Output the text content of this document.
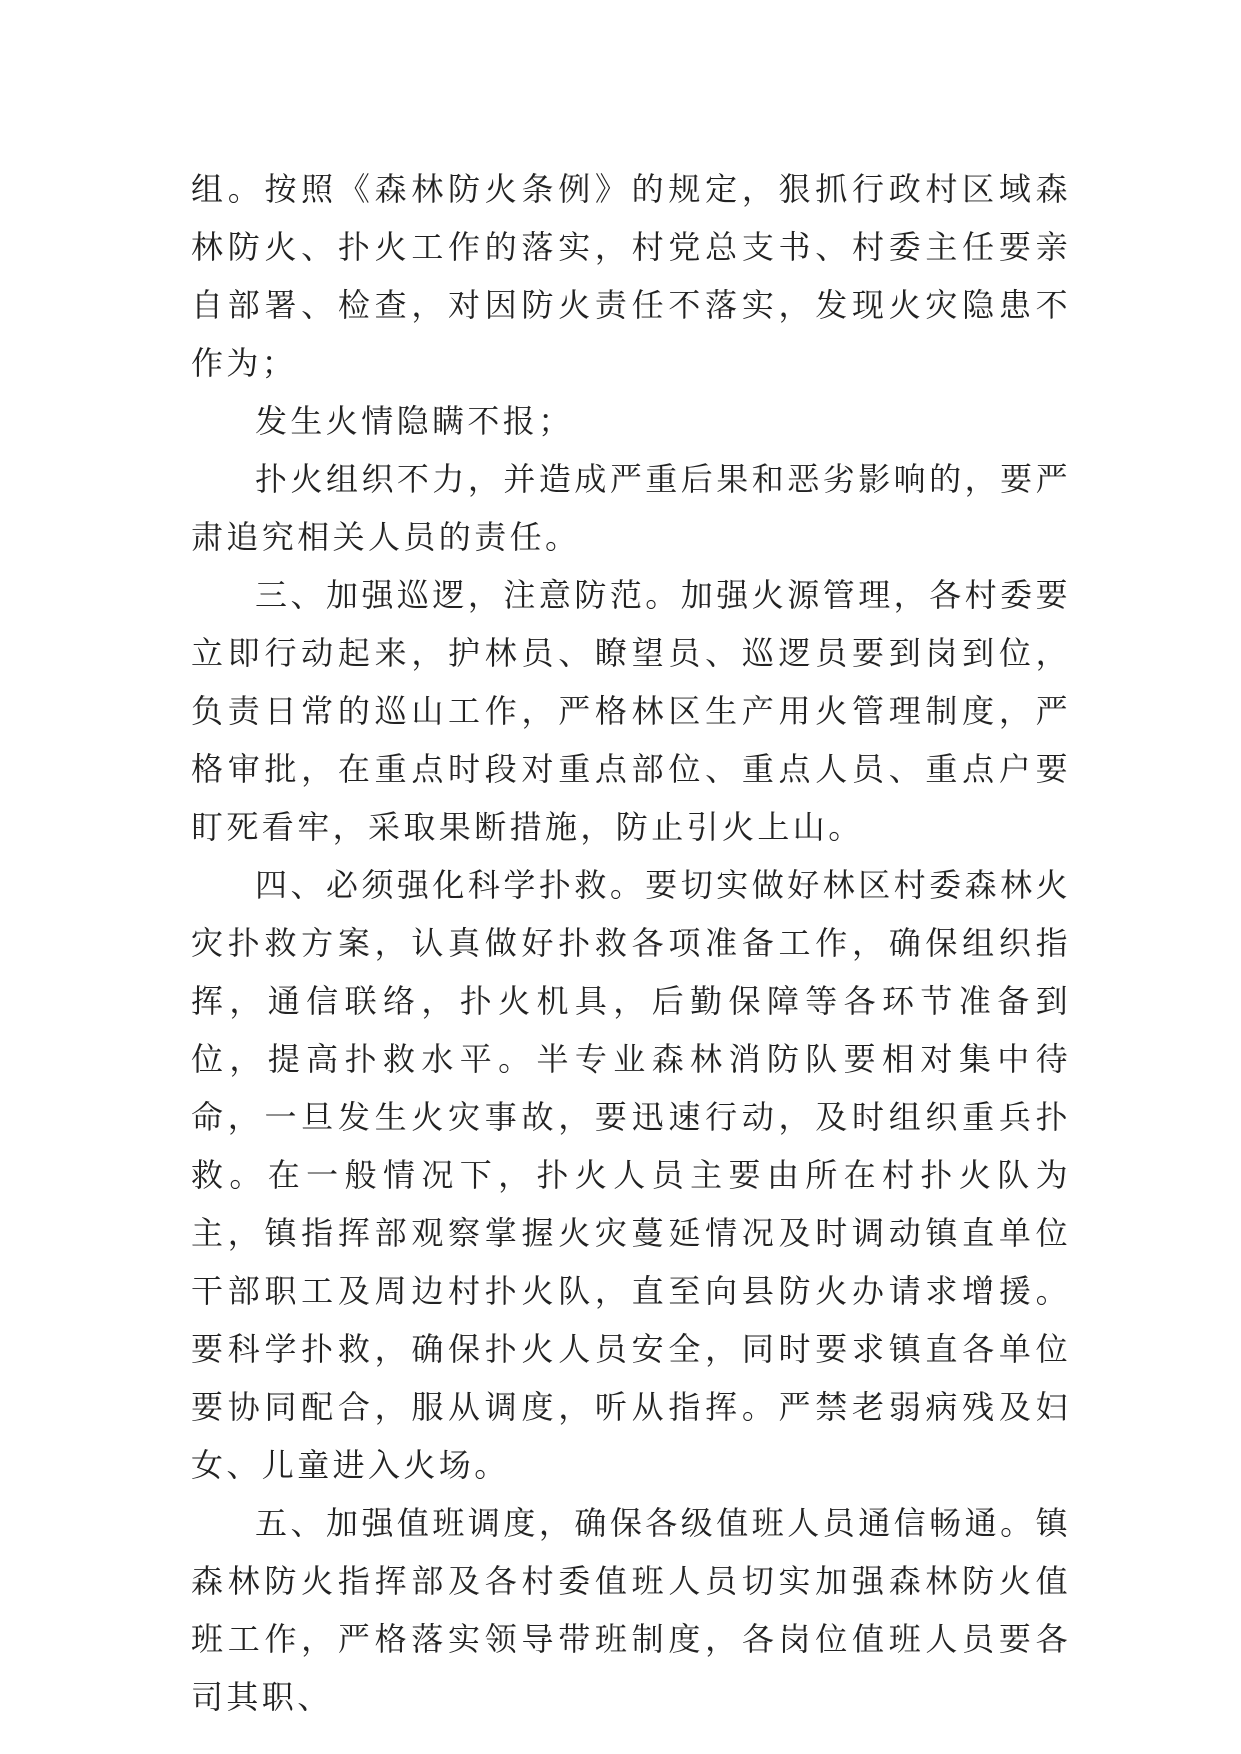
组。按照《森林防火条例》的规定，狠抓行政村区域森林防火、扑火工作的落实，村党总支书、村委主任要亲自部署、检查，对因防火责任不落实，发现火灾隐患不作为；

发生火情隐瞒不报；

扑火组织不力，并造成严重后果和恶劣影响的，要严肃追究相关人员的责任。

三、加强巡逻，注意防范。加强火源管理，各村委要立即行动起来，护林员、瞭望员、巡逻员要到岗到位，负责日常的巡山工作，严格林区生产用火管理制度，严格审批，在重点时段对重点部位、重点人员、重点户要盯死看牢，采取果断措施，防止引火上山。

四、必须强化科学扑救。要切实做好林区村委森林火灾扑救方案，认真做好扑救各项准备工作，确保组织指挥，通信联络，扑火机具，后勤保障等各环节准备到位，提高扑救水平。半专业森林消防队要相对集中待命，一旦发生火灾事故，要迅速行动，及时组织重兵扑救。在一般情况下，扑火人员主要由所在村扑火队为主，镇指挥部观察掌握火灾蔓延情况及时调动镇直单位干部职工及周边村扑火队，直至向县防火办请求增援。要科学扑救，确保扑火人员安全，同时要求镇直各单位要协同配合，服从调度，听从指挥。严禁老弱病残及妇女、儿童进入火场。

五、加强值班调度，确保各级值班人员通信畅通。镇森林防火指挥部及各村委值班人员切实加强森林防火值班工作，严格落实领导带班制度，各岗位值班人员要各司其职、
